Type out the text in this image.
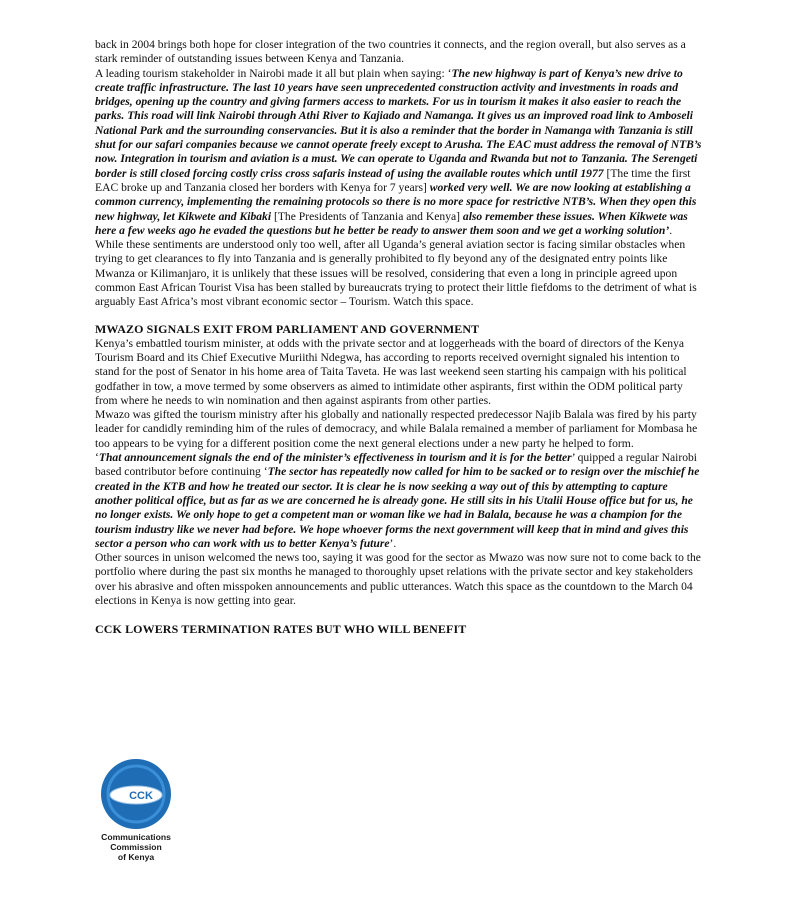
back in 2004 brings both hope for closer integration of the two countries it connects, and the region overall, but also serves as a stark reminder of outstanding issues between Kenya and Tanzania.

A leading tourism stakeholder in Nairobi made it all but plain when saying: ‘The new highway is part of Kenya’s new drive to create traffic infrastructure. The last 10 years have seen unprecedented construction activity and investments in roads and bridges, opening up the country and giving farmers access to markets. For us in tourism it makes it also easier to reach the parks. This road will link Nairobi through Athi River to Kajiado and Namanga. It gives us an improved road link to Amboseli National Park and the surrounding conservancies. But it is also a reminder that the border in Namanga with Tanzania is still shut for our safari companies because we cannot operate freely except to Arusha. The EAC must address the removal of NTB’s now. Integration in tourism and aviation is a must. We can operate to Uganda and Rwanda but not to Tanzania. The Serengeti border is still closed forcing costly criss cross safaris instead of using the available routes which until 1977 [The time the first EAC broke up and Tanzania closed her borders with Kenya for 7 years] worked very well. We are now looking at establishing a common currency, implementing the remaining protocols so there is no more space for restrictive NTB’s. When they open this new highway, let Kikwete and Kibaki [The Presidents of Tanzania and Kenya] also remember these issues. When Kikwete was here a few weeks ago he evaded the questions but he better be ready to answer them soon and we get a working solution’.

While these sentiments are understood only too well, after all Uganda’s general aviation sector is facing similar obstacles when trying to get clearances to fly into Tanzania and is generally prohibited to fly beyond any of the designated entry points like Mwanza or Kilimanjaro, it is unlikely that these issues will be resolved, considering that even a long in principle agreed upon common East African Tourist Visa has been stalled by bureaucrats trying to protect their little fiefdoms to the detriment of what is arguably East Africa’s most vibrant economic sector – Tourism. Watch this space.

MWAZO SIGNALS EXIT FROM PARLIAMENT AND GOVERNMENT

Kenya’s embattled tourism minister, at odds with the private sector and at loggerheads with the board of directors of the Kenya Tourism Board and its Chief Executive Muriithi Ndegwa, has according to reports received overnight signaled his intention to stand for the post of Senator in his home area of Taita Taveta. He was last weekend seen starting his campaign with his political godfather in tow, a move termed by some observers as aimed to intimidate other aspirants, first within the ODM political party from where he needs to win nomination and then against aspirants from other parties.

Mwazo was gifted the tourism ministry after his globally and nationally respected predecessor Najib Balala was fired by his party leader for candidly reminding him of the rules of democracy, and while Balala remained a member of parliament for Mombasa he too appears to be vying for a different position come the next general elections under a new party he helped to form.

‘That announcement signals the end of the minister’s effectiveness in tourism and it is for the better’ quipped a regular Nairobi based contributor before continuing ‘The sector has repeatedly now called for him to be sacked or to resign over the mischief he created in the KTB and how he treated our sector. It is clear he is now seeking a way out of this by attempting to capture another political office, but as far as we are concerned he is already gone. He still sits in his Utalii House office but for us, he no longer exists. We only hope to get a competent man or woman like we had in Balala, because he was a champion for the tourism industry like we never had before. We hope whoever forms the next government will keep that in mind and gives this sector a person who can work with us to better Kenya’s future’.

Other sources in unison welcomed the news too, saying it was good for the sector as Mwazo was now sure not to come back to the portfolio where during the past six months he managed to thoroughly upset relations with the private sector and key stakeholders over his abrasive and often misspoken announcements and public utterances. Watch this space as the countdown to the March 04 elections in Kenya is now getting into gear.

CCK LOWERS TERMINATION RATES BUT WHO WILL BENEFIT
CCK
Communications
Commission
of Kenya
